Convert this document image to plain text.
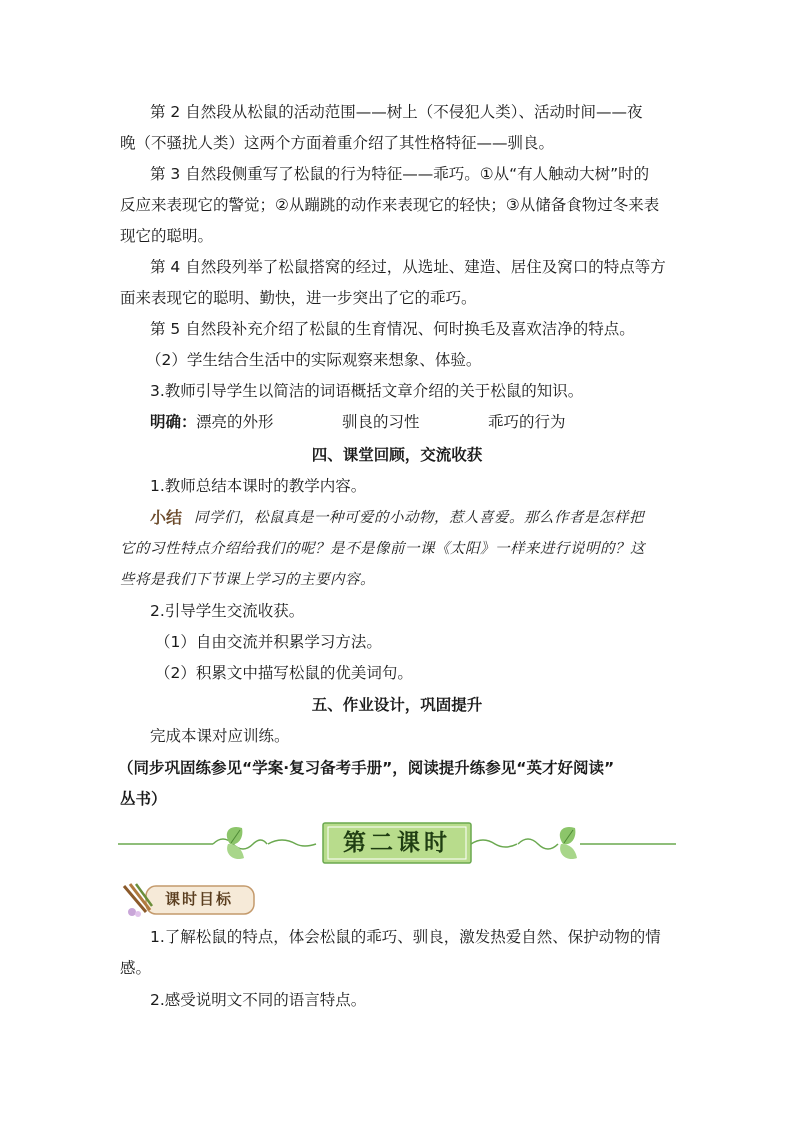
第 2 自然段从松鼠的活动范围——树上（不侵犯人类）、活动时间——夜
晚（不骚扰人类）这两个方面着重介绍了其性格特征——驯良。
第 3 自然段侧重写了松鼠的行为特征——乖巧。①从“有人触动大树”时的
反应来表现它的警觉；②从蹦跳的动作来表现它的轻快；③从储备食物过冬来表
现它的聪明。
第 4 自然段列举了松鼠搭窝的经过，从选址、建造、居住及窝口的特点等方
面来表现它的聪明、勤快，进一步突出了它的乖巧。
第 5 自然段补充介绍了松鼠的生育情况、何时换毛及喜欢洁净的特点。
（2）学生结合生活中的实际观察来想象、体验。
3.教师引导学生以简洁的词语概括文章介绍的关于松鼠的知识。
明确： 漂亮的外形	驯良的习性	乖巧的行为
四、课堂回顾，交流收获
1.教师总结本课时的教学内容。
小结 同学们，松鼠真是一种可爱的小动物，惹人喜爱。那么作者是怎样把
它的习性特点介绍给我们的呢？是不是像前一课《太阳》一样来进行说明的？这
些将是我们下节课上学习的主要内容。
2.引导学生交流收获。
（1）自由交流并积累学习方法。
（2）积累文中描写松鼠的优美词句。
五、作业设计，巩固提升
完成本课对应训练。
（同步巩固练参见“学案·复习备考手册”，阅读提升练参见“英才好阅读”
丛书）
第二课时
课时目标
1.了解松鼠的特点，体会松鼠的乖巧、驯良，激发热爱自然、保护动物的情
感。
2.感受说明文不同的语言特点。
